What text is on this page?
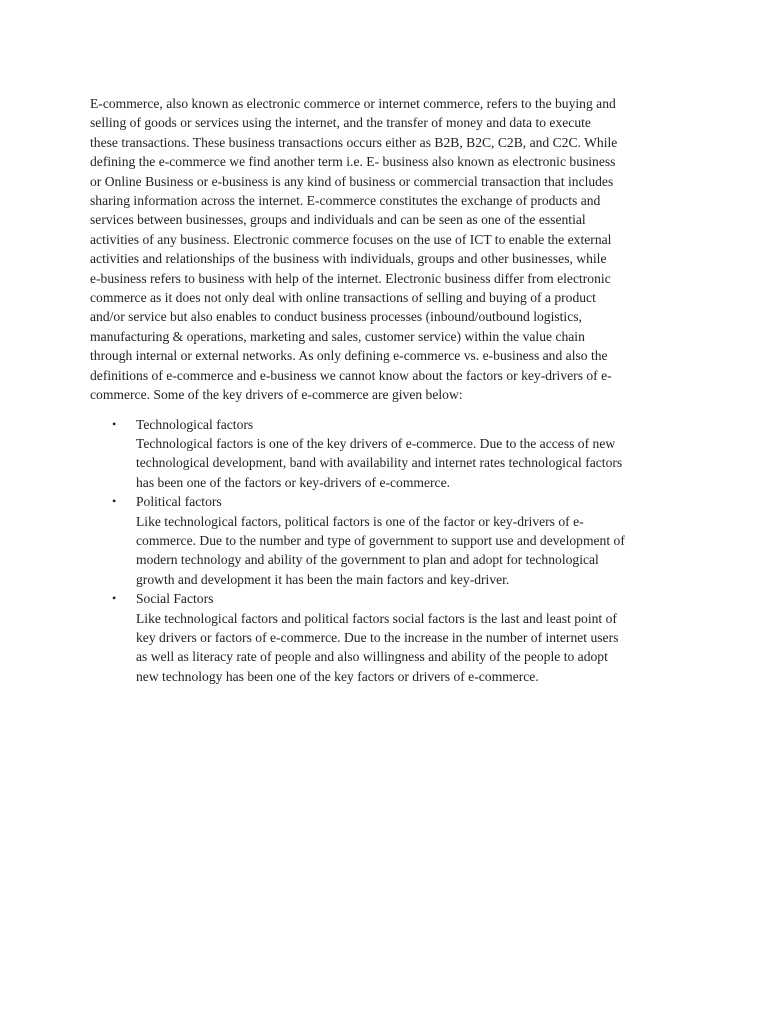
E-commerce, also known as electronic commerce or internet commerce, refers to the buying and
selling of goods or services using the internet, and the transfer of money and data to execute
these transactions. These business transactions occurs either as B2B, B2C, C2B, and C2C. While
defining the e-commerce we find another term i.e. E- business also known as electronic business
or Online Business or e-business is any kind of business or commercial transaction that includes
sharing information across the internet. E-commerce constitutes the exchange of products and
services between businesses, groups and individuals and can be seen as one of the essential
activities of any business. Electronic commerce focuses on the use of ICT to enable the external
activities and relationships of the business with individuals, groups and other businesses, while
e-business refers to business with help of the internet. Electronic business differ from electronic
commerce as it does not only deal with online transactions of selling and buying of a product
and/or service but also enables to conduct business processes (inbound/outbound logistics,
manufacturing & operations, marketing and sales, customer service) within the value chain
through internal or external networks. As only defining e-commerce vs. e-business and also the
definitions of e-commerce and e-business we cannot know about the factors or key-drivers of e-
commerce. Some of the key drivers of e-commerce are given below:

• Technological factors
Technological factors is one of the key drivers of e-commerce. Due to the access of new
technological development, band with availability and internet rates technological factors
has been one of the factors or key-drivers of e-commerce.
• Political factors
Like technological factors, political factors is one of the factor or key-drivers of e-
commerce. Due to the number and type of government to support use and development of
modern technology and ability of the government to plan and adopt for technological
growth and development it has been the main factors and key-driver.
• Social Factors
Like technological factors and political factors social factors is the last and least point of
key drivers or factors of e-commerce. Due to the increase in the number of internet users
as well as literacy rate of people and also willingness and ability of the people to adopt
new technology has been one of the key factors or drivers of e-commerce.
